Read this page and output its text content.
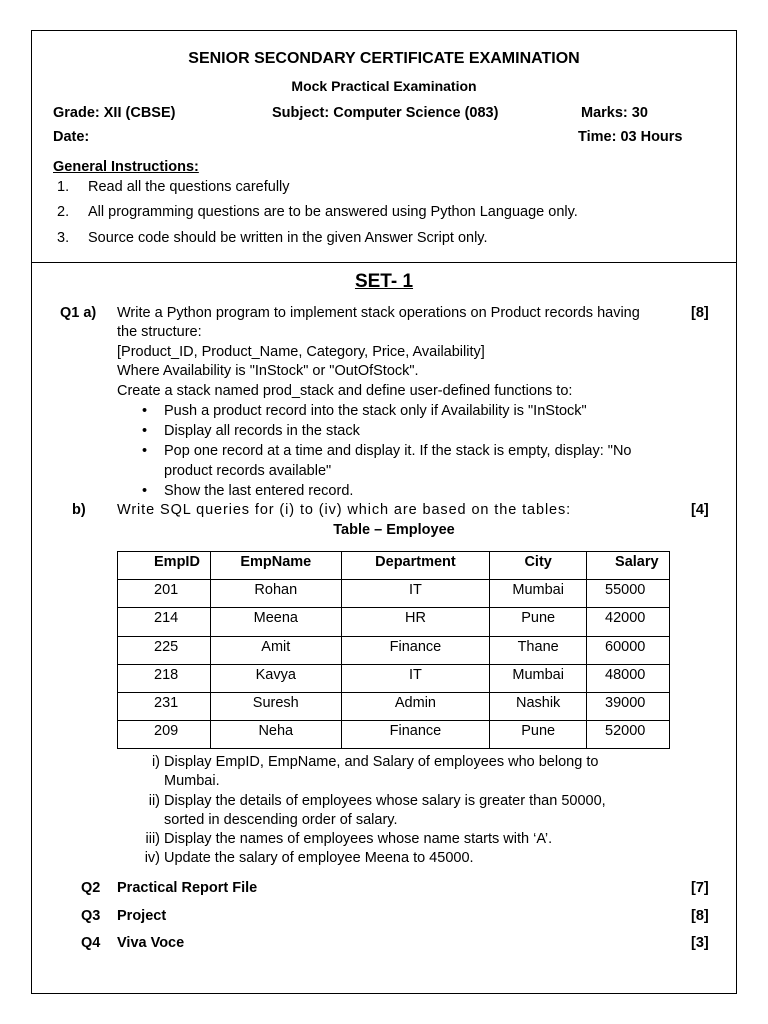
SENIOR SECONDARY CERTIFICATE EXAMINATION
Mock Practical Examination
Grade: XII (CBSE)	Subject: Computer Science (083)	Marks: 30
Date:	Time: 03 Hours
General Instructions:
1. Read all the questions carefully
2. All programming questions are to be answered using Python Language only.
3. Source code should be written in the given Answer Script only.
SET- 1
Q1 a)	[8]
Write a Python program to implement stack operations on Product records having
the structure:
[Product_ID, Product_Name, Category, Price, Availability]
Where Availability is "InStock" or "OutOfStock".
Create a stack named prod_stack and define user-defined functions to:
• Push a product record into the stack only if Availability is "InStock"
• Display all records in the stack
• Pop one record at a time and display it. If the stack is empty, display: "No
product records available"
• Show the last entered record.
b) Write SQL queries for (i) to (iv) which are based on the tables:	[4]
Table – Employee
EmpID	EmpName	Department	City	Salary
201	Rohan	IT	Mumbai	55000
214	Meena	HR	Pune	42000
225	Amit	Finance	Thane	60000
218	Kavya	IT	Mumbai	48000
231	Suresh	Admin	Nashik	39000
209	Neha	Finance	Pune	52000
i) Display EmpID, EmpName, and Salary of employees who belong to
Mumbai.
ii) Display the details of employees whose salary is greater than 50000,
sorted in descending order of salary.
iii) Display the names of employees whose name starts with ‘A’.
iv) Update the salary of employee Meena to 45000.
Q2 Practical Report File	[7]
Q3 Project	[8]
Q4 Viva Voce	[3]
